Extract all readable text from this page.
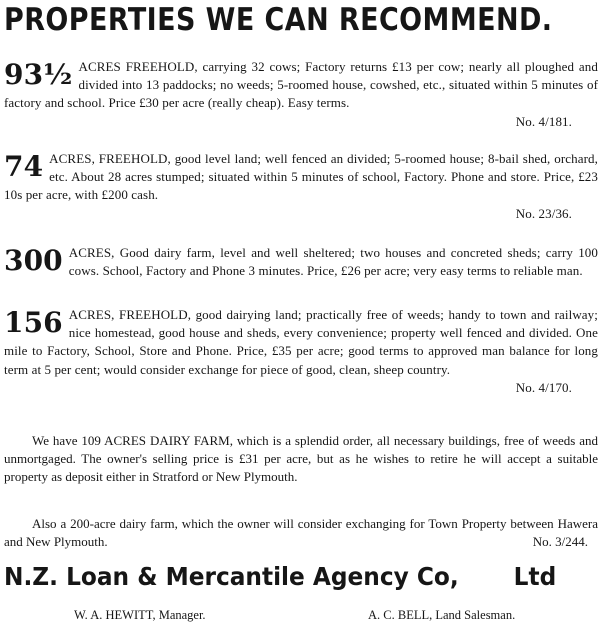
PROPERTIES WE CAN RECOMMEND.
93½ ACRES FREEHOLD, carrying 32 cows; Factory returns £13 per cow; nearly all ploughed and divided into 13 paddocks; no weeds; 5-roomed house, cowshed, etc., situated within 5 minutes of factory and school. Price £30 per acre (really cheap). Easy terms.
No. 4/181.
74 ACRES, FREEHOLD, good level land; well fenced an divided; 5-roomed house; 8-bail shed, orchard, etc. About 28 acres stumped; situated within 5 minutes of school, Factory. Phone and store. Price, £23 10s per acre, with £200 cash.
No. 23/36.
300 ACRES, Good dairy farm, level and well sheltered; two houses and concreted sheds; carry 100 cows. School, Factory and Phone 3 minutes. Price, £26 per acre; very easy terms to reliable man.
156 ACRES, FREEHOLD, good dairying land; practically free of weeds; handy to town and railway; nice homestead, good house and sheds, every convenience; property well fenced and divided. One mile to Factory, School, Store and Phone. Price, £35 per acre; good terms to approved man balance for long term at 5 per cent; would consider exchange for piece of good, clean, sheep country.
No. 4/170.
We have 109 ACRES DAIRY FARM, which is a splendid order, all necessary buildings, free of weeds and unmortgaged. The owner's selling price is £31 per acre, but as he wishes to retire he will accept a suitable property as deposit either in Stratford or New Plymouth.
Also a 200-acre dairy farm, which the owner will consider exchanging for Town Property between Hawera and New Plymouth.	No. 3/244.
N.Z. Loan & Mercantile Agency Co, Ltd
W. A. HEWITT, Manager.	A. C. BELL, Land Salesman.
